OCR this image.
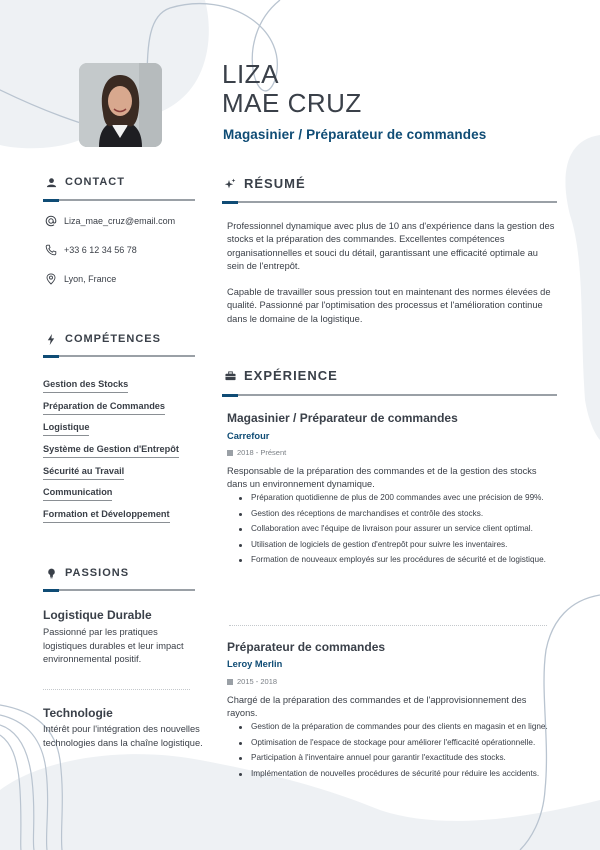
LIZA
MAE CRUZ
Magasinier / Préparateur de commandes
CONTACT
Liza_mae_cruz@email.com
+33 6 12 34 56 78
Lyon, France
COMPÉTENCES
Gestion des Stocks
Préparation de Commandes
Logistique
Système de Gestion d'Entrepôt
Sécurité au Travail
Communication
Formation et Développement
PASSIONS
Logistique Durable
Passionné par les pratiques logistiques durables et leur impact environnemental positif.
Technologie
Intérêt pour l'intégration des nouvelles technologies dans la chaîne logistique.
RÉSUMÉ
Professionnel dynamique avec plus de 10 ans d'expérience dans la gestion des stocks et la préparation des commandes. Excellentes compétences organisationnelles et souci du détail, garantissant une efficacité optimale au sein de l'entrepôt.
Capable de travailler sous pression tout en maintenant des normes élevées de qualité. Passionné par l'optimisation des processus et l'amélioration continue dans le domaine de la logistique.
EXPÉRIENCE
Magasinier / Préparateur de commandes
Carrefour
2018 - Présent
Responsable de la préparation des commandes et de la gestion des stocks dans un environnement dynamique.
Préparation quotidienne de plus de 200 commandes avec une précision de 99%.
Gestion des réceptions de marchandises et contrôle des stocks.
Collaboration avec l'équipe de livraison pour assurer un service client optimal.
Utilisation de logiciels de gestion d'entrepôt pour suivre les inventaires.
Formation de nouveaux employés sur les procédures de sécurité et de logistique.
Préparateur de commandes
Leroy Merlin
2015 - 2018
Chargé de la préparation des commandes et de l'approvisionnement des rayons.
Gestion de la préparation de commandes pour des clients en magasin et en ligne.
Optimisation de l'espace de stockage pour améliorer l'efficacité opérationnelle.
Participation à l'inventaire annuel pour garantir l'exactitude des stocks.
Implémentation de nouvelles procédures de sécurité pour réduire les accidents.
